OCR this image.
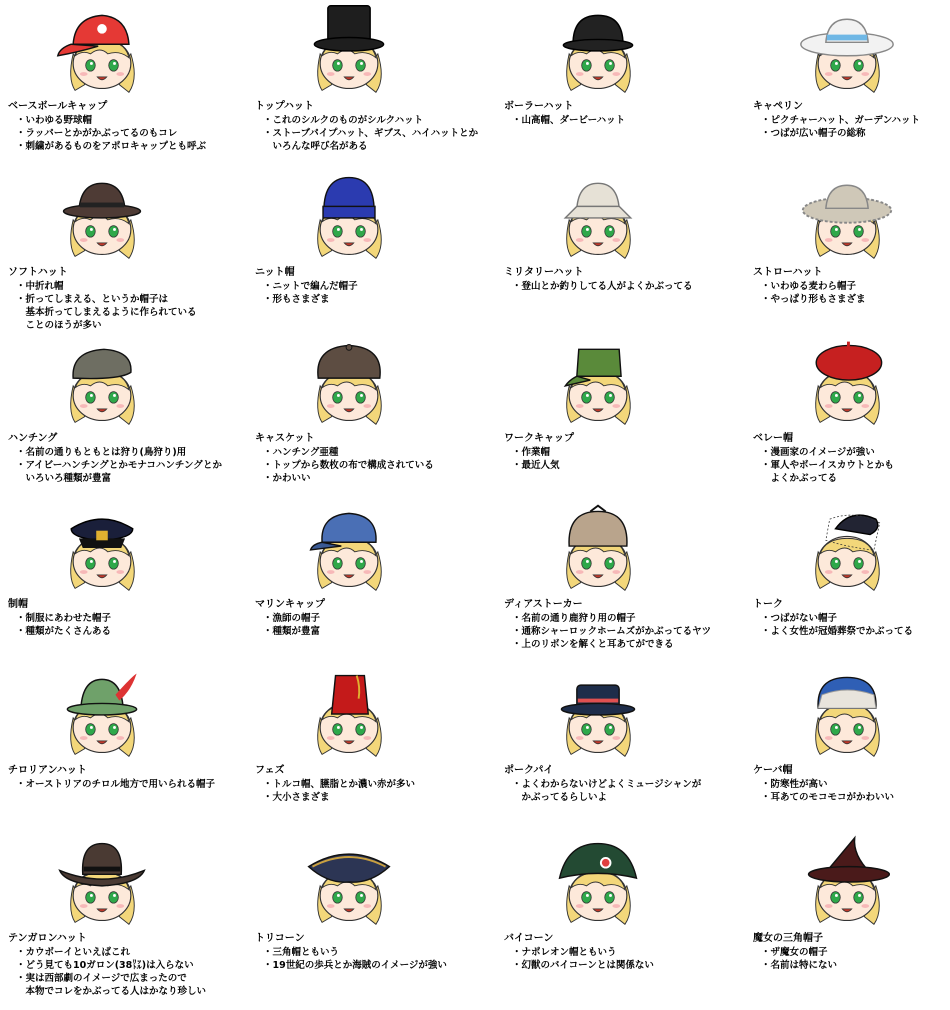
ベースボールキャップ
・いわゆる野球帽
・ラッパーとかがかぶってるのもコレ
・刺繍があるものをアポロキャップとも呼ぶ
トップハット
・これのシルクのものがシルクハット
・ストーブパイプハット、ギブス、ハイハットとか
　いろんな呼び名がある
ボーラーハット
・山高帽、ダービーハット
キャペリン
・ピクチャーハット、ガーデンハット
・つばが広い帽子の総称
ソフトハット
・中折れ帽
・折ってしまえる、というか帽子は
　基本折ってしまえるように作られている
　ことのほうが多い
ニット帽
・ニットで編んだ帽子
・形もさまざま
ミリタリーハット
・登山とか釣りしてる人がよくかぶってる
ストローハット
・いわゆる麦わら帽子
・やっぱり形もさまざま
ハンチング
・名前の通りもともとは狩り(鳥狩り)用
・アイビーハンチングとかモナコハンチングとか
　いろいろ種類が豊富
キャスケット
・ハンチング亜種
・トップから数枚の布で構成されている
・かわいい
ワークキャップ
・作業帽
・最近人気
ベレー帽
・漫画家のイメージが強い
・軍人やボーイスカウトとかも
　よくかぶってる
制帽
・制服にあわせた帽子
・種類がたくさんある
マリンキャップ
・漁師の帽子
・種類が豊富
ディアストーカー
・名前の通り鹿狩り用の帽子
・通称シャーロックホームズがかぶってるヤツ
・上のリボンを解くと耳あてができる
トーク
・つばがない帽子
・よく女性が冠婚葬祭でかぶってる
チロリアンハット
・オーストリアのチロル地方で用いられる帽子
フェズ
・トルコ帽、臙脂とか濃い赤が多い
・大小さまざま
ポークパイ
・よくわからないけどよくミュージシャンが
　かぶってるらしいよ
ケーバ帽
・防寒性が高い
・耳あてのモコモコがかわいい
テンガロンハット
・カウボーイといえばこれ
・どう見ても10ガロン(38㍑)は入らない
・実は西部劇のイメージで広まったので
　本物でコレをかぶってる人はかなり珍しい
トリコーン
・三角帽ともいう
・19世紀の歩兵とか海賊のイメージが強い
バイコーン
・ナポレオン帽ともいう
・幻獣のバイコーンとは関係ない
魔女の三角帽子
・ザ魔女の帽子
・名前は特にない
